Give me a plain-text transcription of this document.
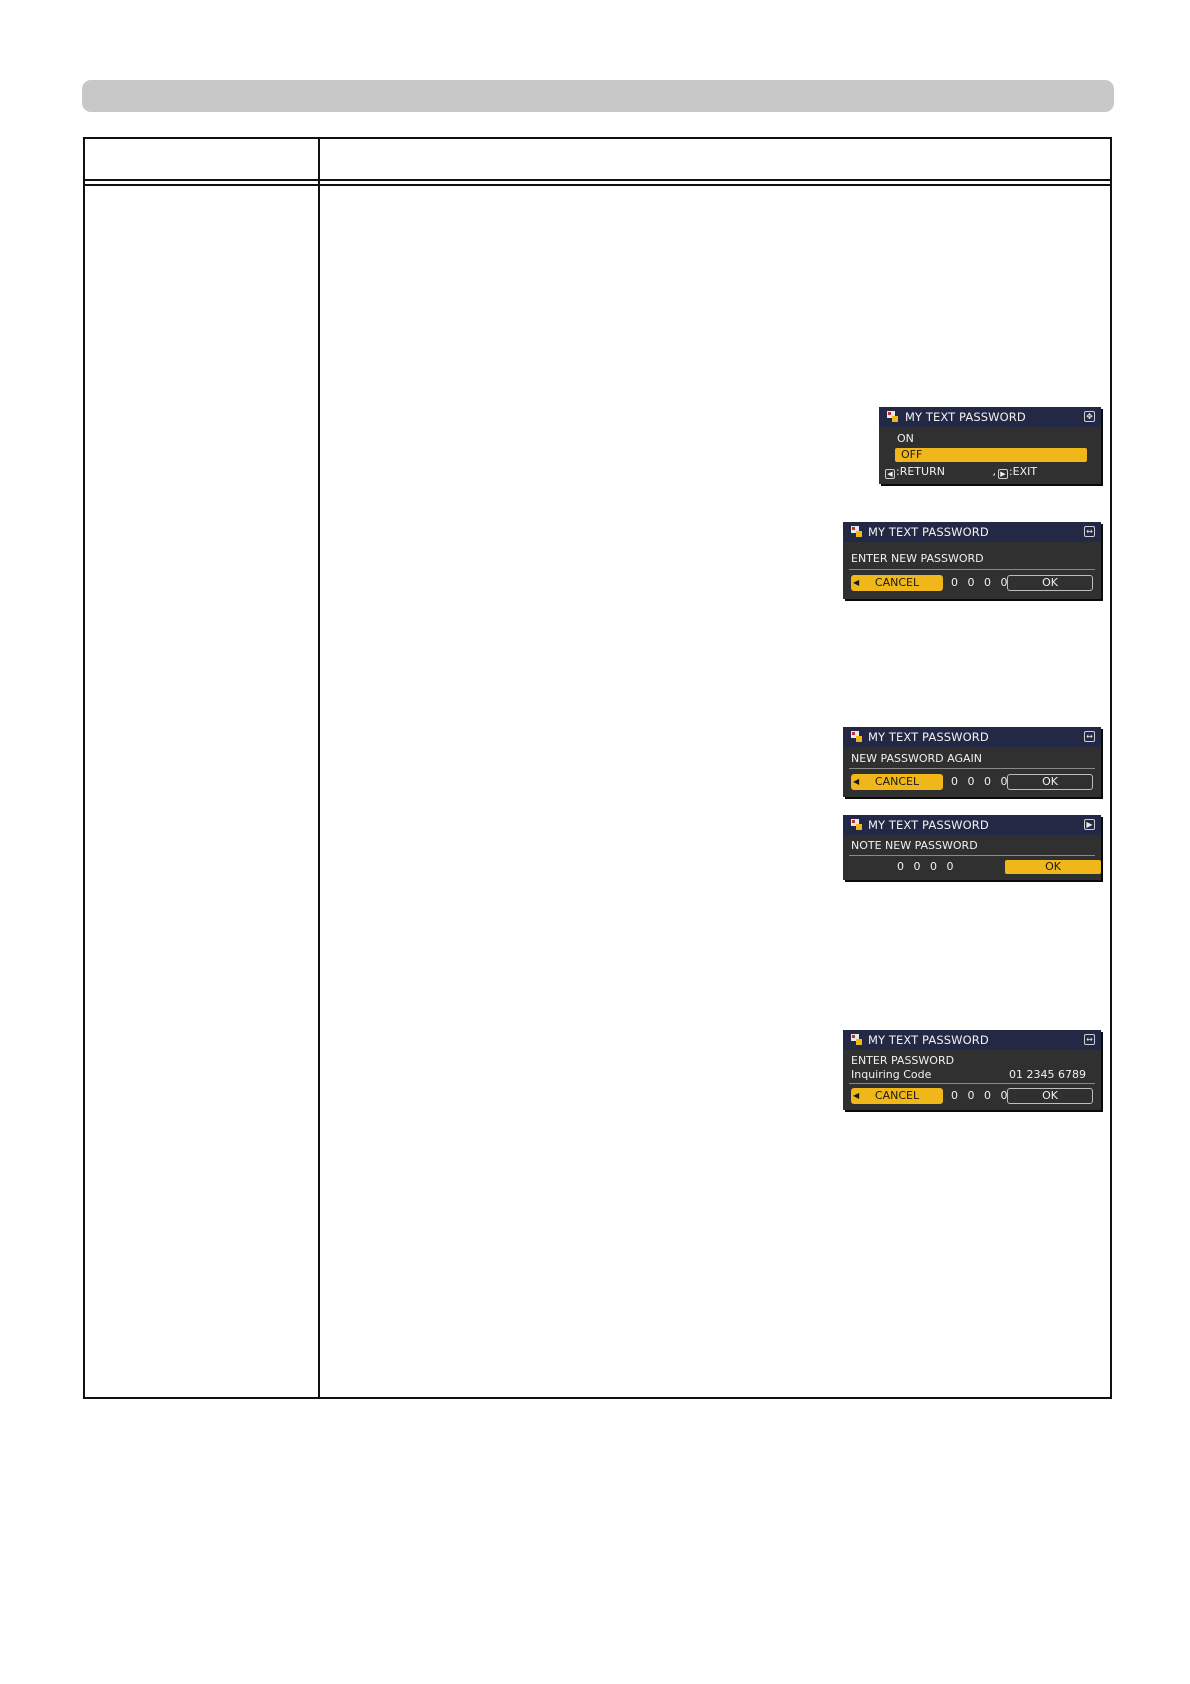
MY TEXT PASSWORD	✥
ON
OFF
◀ :RETURN	, ▶ :EXIT
MY TEXT PASSWORD	↔
ENTER NEW PASSWORD
◀ CANCEL	0 0 0 0	OK
MY TEXT PASSWORD	↔
NEW PASSWORD AGAIN
◀ CANCEL	0 0 0 0	OK
MY TEXT PASSWORD	▶
NOTE NEW PASSWORD
0 0 0 0	OK
MY TEXT PASSWORD	↔
ENTER PASSWORD
Inquiring Code	01 2345 6789
◀ CANCEL	0 0 0 0	OK
